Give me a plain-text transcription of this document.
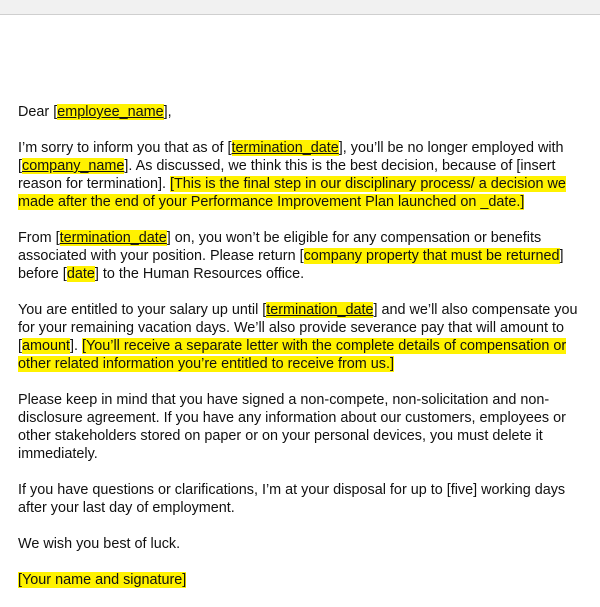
Dear [employee_name],

I’m sorry to inform you that as of [termination_date], you’ll be no longer employed with [company_name]. As discussed, we think this is the best decision, because of [insert reason for termination]. [This is the final step in our disciplinary process/ a decision we made after the end of your Performance Improvement Plan launched on _date.]

From [termination_date] on, you won’t be eligible for any compensation or benefits associated with your position. Please return [company property that must be returned] before [date] to the Human Resources office.

You are entitled to your salary up until [termination_date] and we’ll also compensate you for your remaining vacation days. We’ll also provide severance pay that will amount to [amount]. [You’ll receive a separate letter with the complete details of compensation or other related information you’re entitled to receive from us.]

Please keep in mind that you have signed a non-compete, non-solicitation and non-disclosure agreement. If you have any information about our customers, employees or other stakeholders stored on paper or on your personal devices, you must delete it immediately.

If you have questions or clarifications, I’m at your disposal for up to [five] working days after your last day of employment.

We wish you best of luck.

[Your name and signature]
